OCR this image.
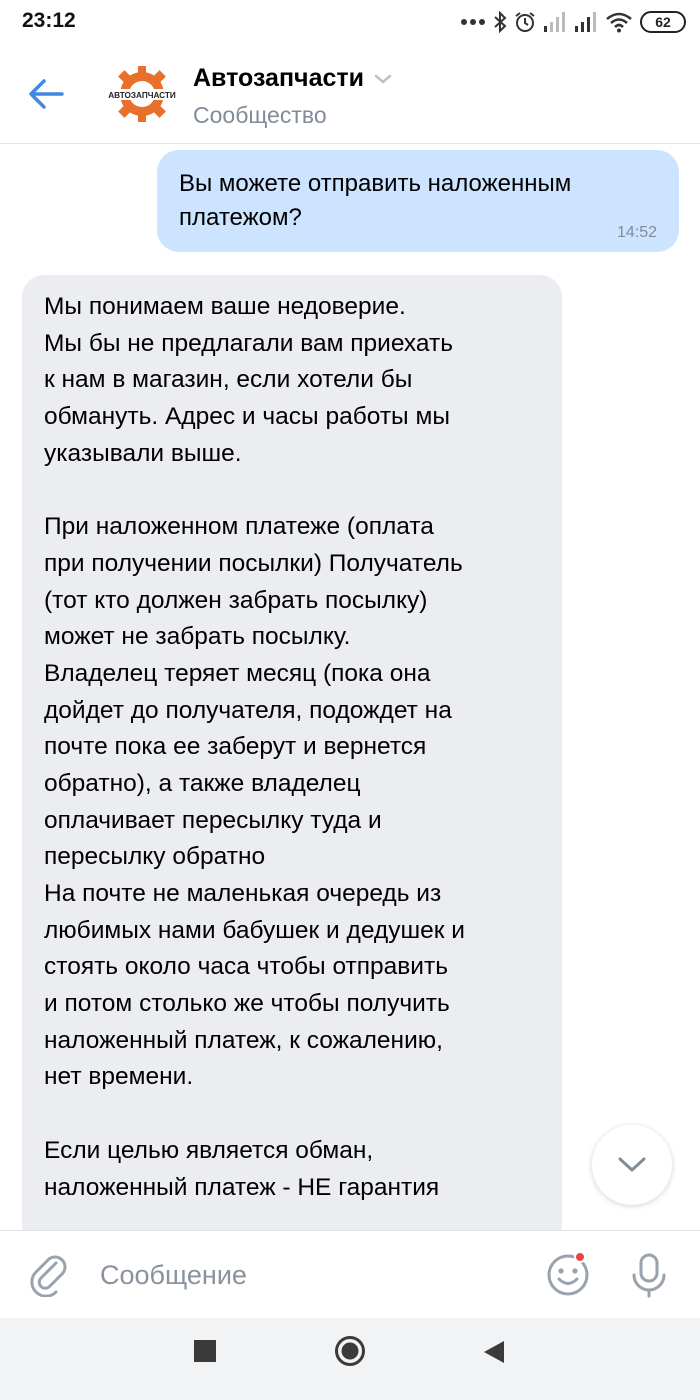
23:12	62
АВТОЗАПЧАСТИ
Автозапчасти
Сообщество
Вы можете отправить наложенным платежом?
14:52
Мы понимаем ваше недоверие.
Мы бы не предлагали вам приехать
к нам в магазин, если хотели бы
обмануть. Адрес и часы работы мы
указывали выше.
При наложенном платеже (оплата
при получении посылки) Получатель
(тот кто должен забрать посылку)
может не забрать посылку.
Владелец теряет месяц (пока она
дойдет до получателя, подождет на
почте пока ее заберут и вернется
обратно), а также владелец
оплачивает пересылку туда и
пересылку обратно
На почте не маленькая очередь из
любимых нами бабушек и дедушек и
стоять около часа чтобы отправить
и потом столько же чтобы получить
наложенный платеж, к сожалению,
нет времени.
Если целью является обман,
наложенный платеж - НЕ гарантия
Сообщение
